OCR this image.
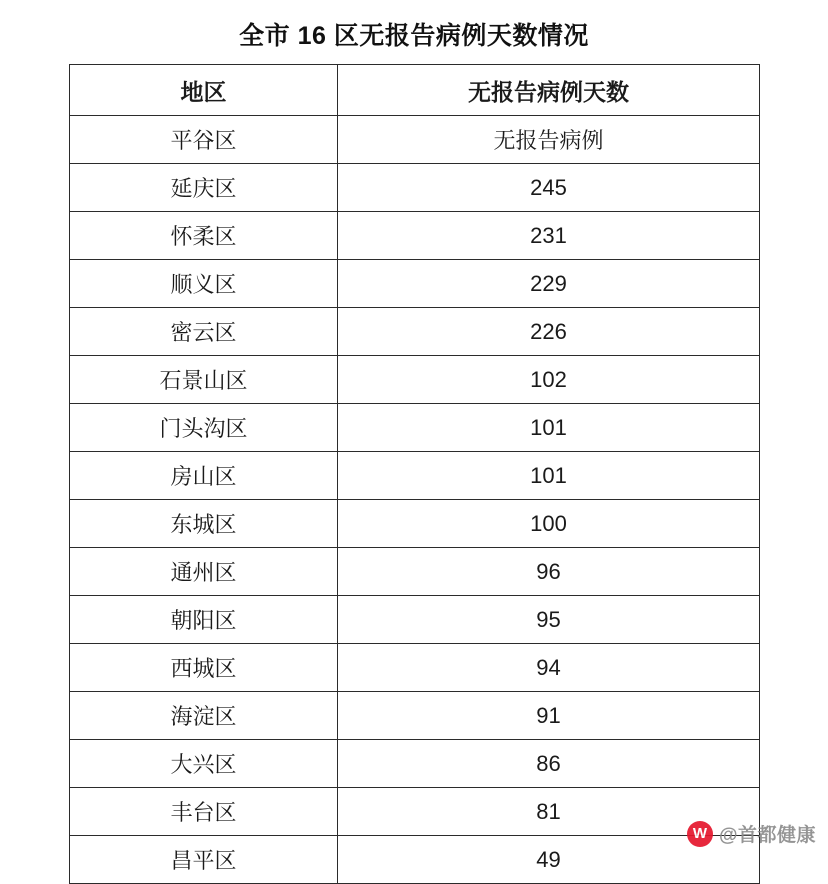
全市 16 区无报告病例天数情况
地区	无报告病例天数
平谷区	无报告病例
延庆区	245
怀柔区	231
顺义区	229
密云区	226
石景山区	102
门头沟区	101
房山区	101
东城区	100
通州区	96
朝阳区	95
西城区	94
海淀区	91
大兴区	86
丰台区	81
昌平区	49
W @首都健康
